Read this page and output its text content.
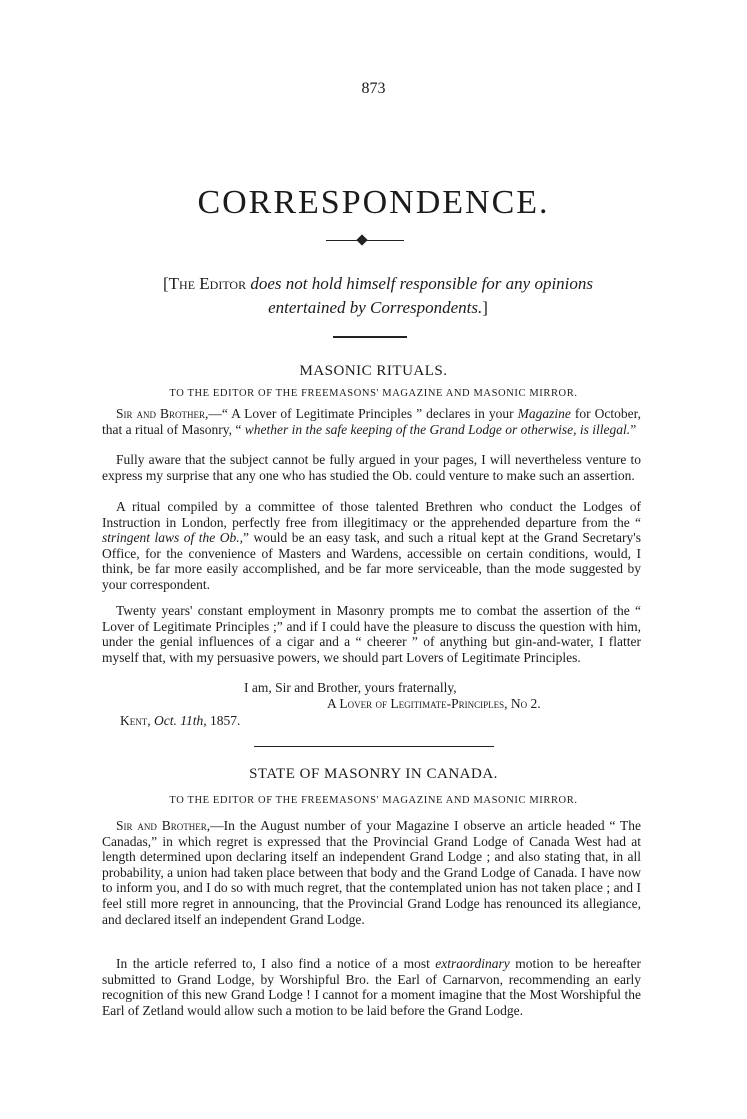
873
CORRESPONDENCE.
[The Editor does not hold himself responsible for any opinions
entertained by Correspondents.]
MASONIC RITUALS.
TO THE EDITOR OF THE FREEMASONS' MAGAZINE AND MASONIC MIRROR.

Sir and Brother,—“ A Lover of Legitimate Principles ” declares in your Magazine for October, that a ritual of Masonry, “ whether in the safe keeping of the Grand Lodge or otherwise, is illegal.”

Fully aware that the subject cannot be fully argued in your pages, I will nevertheless venture to express my surprise that any one who has studied the Ob. could venture to make such an assertion.

A ritual compiled by a committee of those talented Brethren who conduct the Lodges of Instruction in London, perfectly free from illegitimacy or the apprehended departure from the “ stringent laws of the Ob.,” would be an easy task, and such a ritual kept at the Grand Secretary's Office, for the convenience of Masters and Wardens, accessible on certain conditions, would, I think, be far more easily accomplished, and be far more serviceable, than the mode suggested by your correspondent.

Twenty years' constant employment in Masonry prompts me to combat the assertion of the “ Lover of Legitimate Principles ;” and if I could have the pleasure to discuss the question with him, under the genial influences of a cigar and a “ cheerer ” of anything but gin-and-water, I flatter myself that, with my persuasive powers, we should part Lovers of Legitimate Principles.

I am, Sir and Brother, yours fraternally,
A Lover of Legitimate-Principles, No 2.
Kent, Oct. 11th, 1857.
STATE OF MASONRY IN CANADA.
TO THE EDITOR OF THE FREEMASONS' MAGAZINE AND MASONIC MIRROR.

Sir and Brother,—In the August number of your Magazine I observe an article headed “ The Canadas,” in which regret is expressed that the Provincial Grand Lodge of Canada West had at length determined upon declaring itself an independent Grand Lodge ; and also stating that, in all probability, a union had taken place between that body and the Grand Lodge of Canada. I have now to inform you, and I do so with much regret, that the contemplated union has not taken place ; and I feel still more regret in announcing, that the Provincial Grand Lodge has renounced its allegiance, and declared itself an independent Grand Lodge.

In the article referred to, I also find a notice of a most extraordinary motion to be hereafter submitted to Grand Lodge, by Worshipful Bro. the Earl of Carnarvon, recommending an early recognition of this new Grand Lodge ! I cannot for a moment imagine that the Most Worshipful the Earl of Zetland would allow such a motion to be laid before the Grand Lodge.
